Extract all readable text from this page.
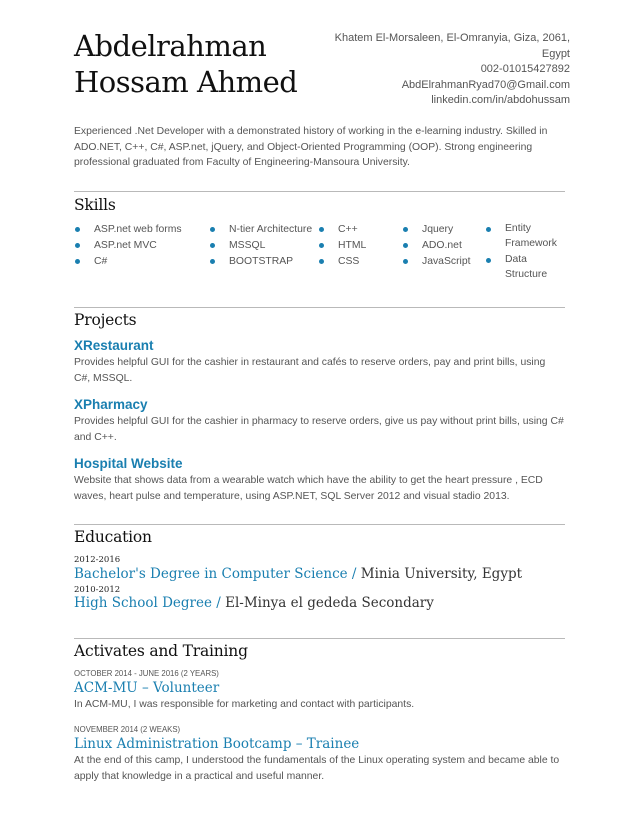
Abdelrahman
Hossam Ahmed
Khatem El-Morsaleen, El-Omranyia, Giza, 2061,
Egypt
002-01015427892
AbdElrahmanRyad70@Gmail.com
linkedin.com/in/abdohussam

Experienced .Net Developer with a demonstrated history of working in the e-learning industry. Skilled in ADO.NET, C++, C#, ASP.net, jQuery, and Object-Oriented Programming (OOP). Strong engineering professional graduated from Faculty of Engineering-Mansoura University.

Skills
ASP.net web forms
ASP.net MVC
C#
N-tier Architecture
MSSQL
BOOTSTRAP
C++
HTML
CSS
Jquery
ADO.net
JavaScript
Entity Framework
Data Structure
Projects
XRestaurant
Provides helpful GUI for the cashier in restaurant and cafés to reserve orders, pay and print bills, using C#, MSSQL.
XPharmacy
Provides helpful GUI for the cashier in pharmacy to reserve orders, give us pay without print bills, using C# and C++.
Hospital Website
Website that shows data from a wearable watch which have the ability to get the heart pressure , ECD waves, heart pulse and temperature, using ASP.NET, SQL Server 2012 and visual stadio 2013.
Education
2012-2016
Bachelor's Degree in Computer Science / Minia University, Egypt
2010-2012
High School Degree / El-Minya el gededa Secondary
Activates and Training
OCTOBER 2014 - JUNE 2016 (2 YEARS)
ACM-MU – Volunteer
In ACM-MU, I was responsible for marketing and contact with participants.
NOVEMBER 2014 (2 WEAKS)
Linux Administration Bootcamp – Trainee
At the end of this camp, I understood the fundamentals of the Linux operating system and became able to apply that knowledge in a practical and useful manner.
